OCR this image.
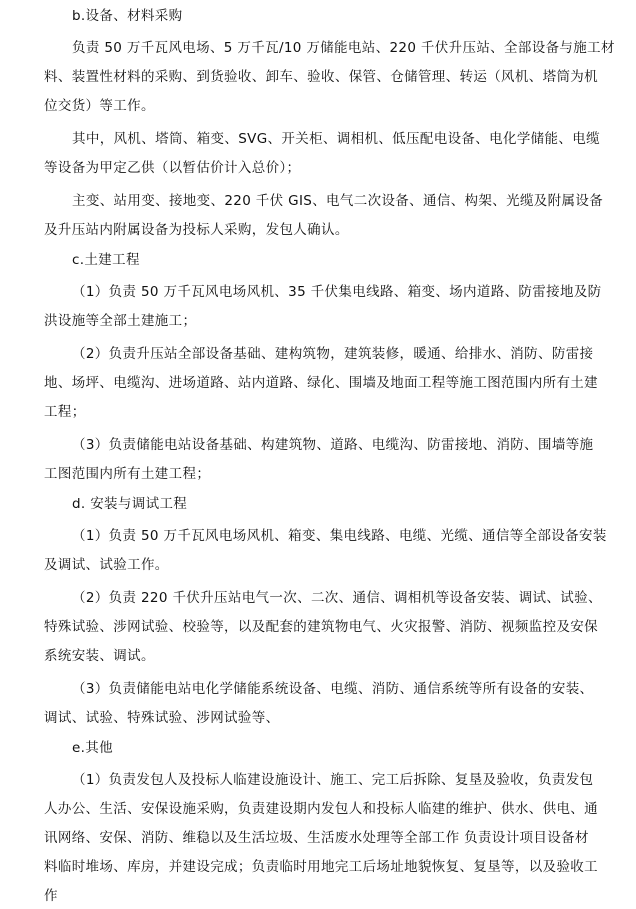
b.设备、材料采购
负责 50 万千瓦风电场、5 万千瓦/10 万储能电站、220 千伏升压站、全部设备与施工材
料、装置性材料的采购、到货验收、卸车、验收、保管、仓储管理、转运（风机、塔筒为机
位交货）等工作。
其中，风机、塔筒、箱变、SVG、开关柜、调相机、低压配电设备、电化学储能、电缆
等设备为甲定乙供（以暂估价计入总价）；
主变、站用变、接地变、220 千伏 GIS、电气二次设备、通信、构架、光缆及附属设备
及升压站内附属设备为投标人采购，发包人确认。
c.土建工程
（1）负责 50 万千瓦风电场风机、35 千伏集电线路、箱变、场内道路、防雷接地及防
洪设施等全部土建施工；
（2）负责升压站全部设备基础、建构筑物，建筑装修，暖通、给排水、消防、防雷接
地、场坪、电缆沟、进场道路、站内道路、绿化、围墙及地面工程等施工图范围内所有土建
工程；
（3）负责储能电站设备基础、构建筑物、道路、电缆沟、防雷接地、消防、围墙等施
工图范围内所有土建工程；
d. 安装与调试工程
（1）负责 50 万千瓦风电场风机、箱变、集电线路、电缆、光缆、通信等全部设备安装
及调试、试验工作。
（2）负责 220 千伏升压站电气一次、二次、通信、调相机等设备安装、调试、试验、
特殊试验、涉网试验、校验等，以及配套的建筑物电气、火灾报警、消防、视频监控及安保
系统安装、调试。
（3）负责储能电站电化学储能系统设备、电缆、消防、通信系统等所有设备的安装、
调试、试验、特殊试验、涉网试验等、
e.其他
（1）负责发包人及投标人临建设施设计、施工、完工后拆除、复垦及验收，负责发包
人办公、生活、安保设施采购，负责建设期内发包人和投标人临建的维护、供水、供电、通
讯网络、安保、消防、维稳以及生活垃圾、生活废水处理等全部工作 负责设计项目设备材
料临时堆场、库房，并建设完成；负责临时用地完工后场址地貌恢复、复垦等，以及验收工
作
